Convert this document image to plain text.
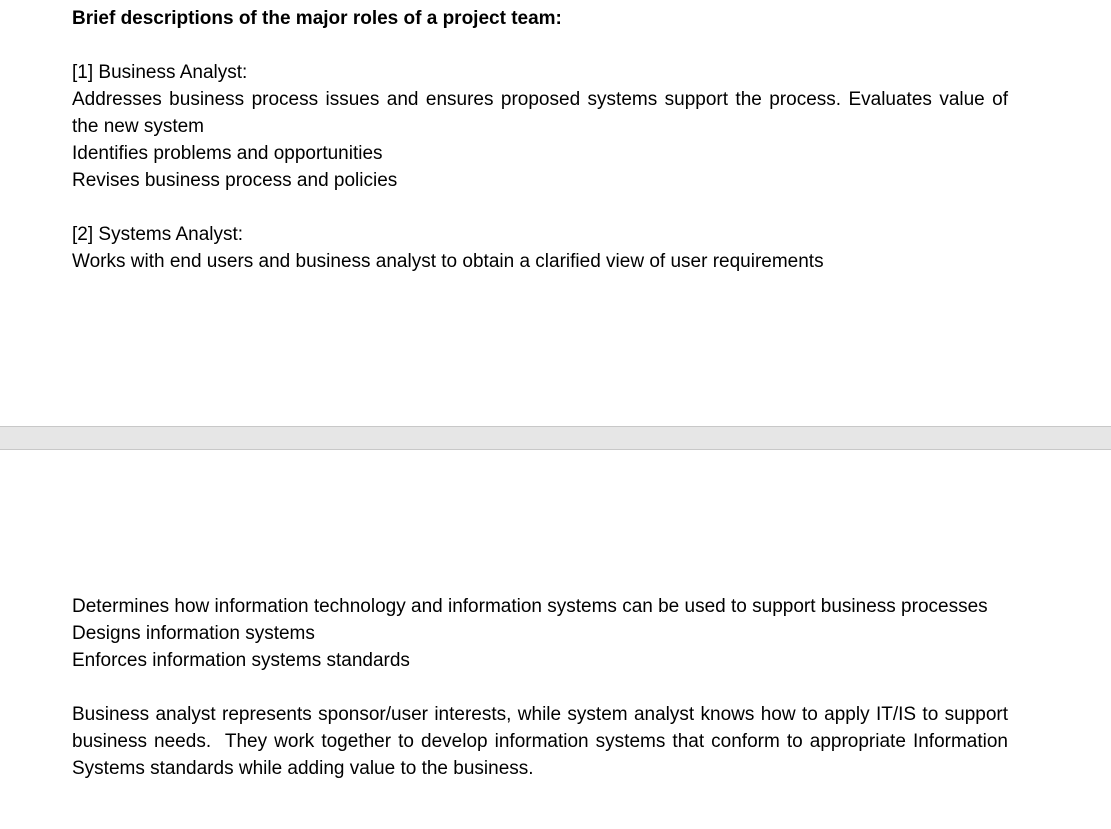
Brief descriptions of the major roles of a project team:

[1] Business Analyst:

Addresses business process issues and ensures proposed systems support the process. Evaluates value of the new system

Identifies problems and opportunities

Revises business process and policies

[2] Systems Analyst:

Works with end users and business analyst to obtain a clarified view of user requirements

Determines how information technology and information systems can be used to support business processes

Designs information systems

Enforces information systems standards

Business analyst represents sponsor/user interests, while system analyst knows how to apply IT/IS to support business needs.  They work together to develop information systems that conform to appropriate Information Systems standards while adding value to the business.
